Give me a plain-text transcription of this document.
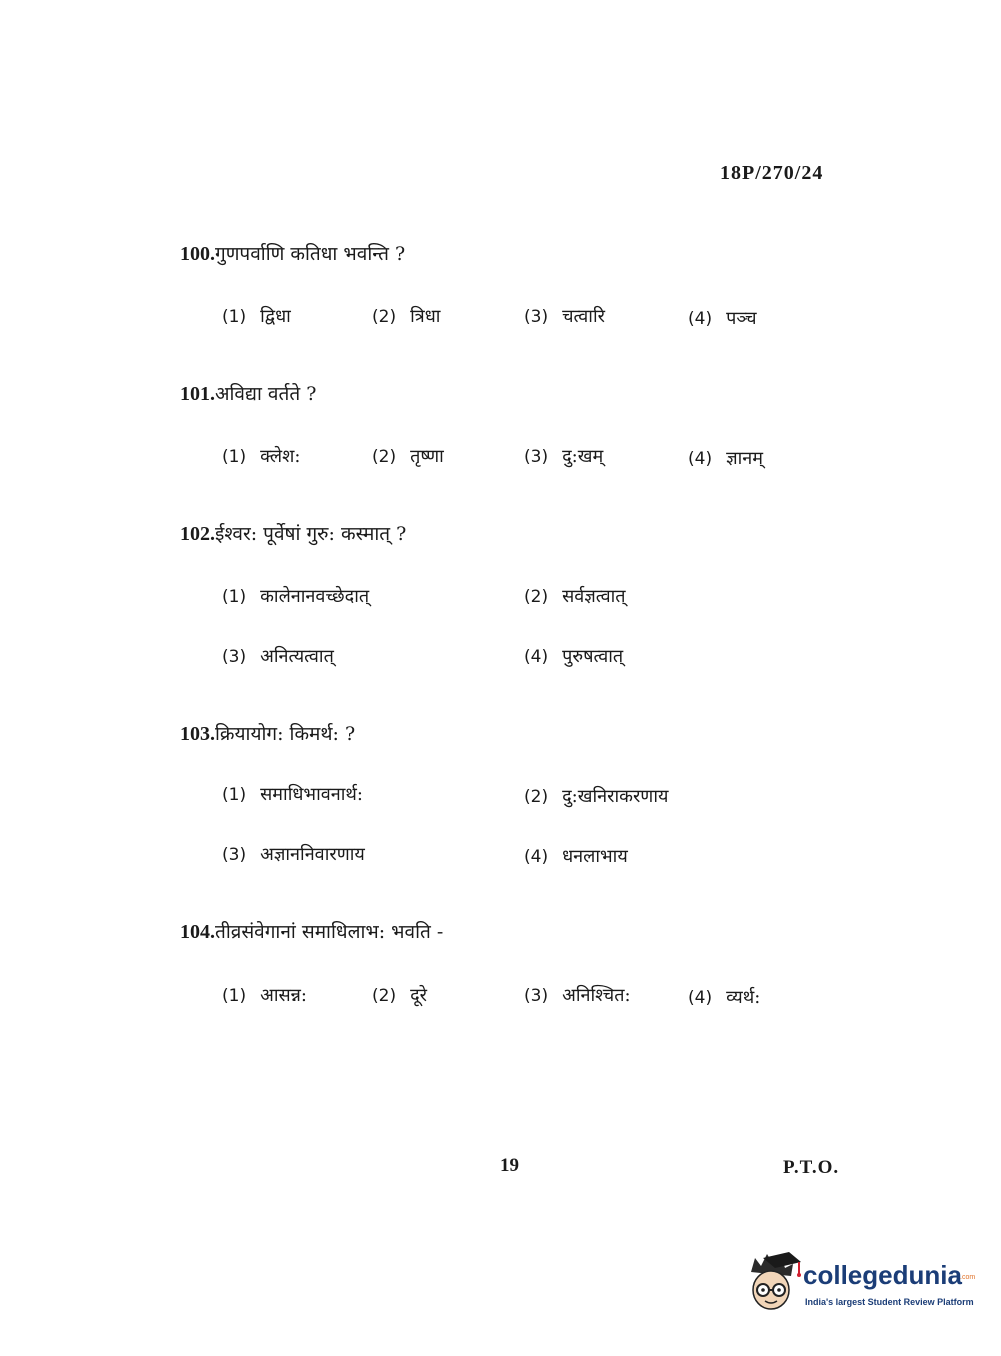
18P/270/24
100.गुणपर्वाणि कतिधा भवन्ति ?
(1) द्विधा	(2) त्रिधा	(3) चत्वारि	(4) पञ्च
101.अविद्या वर्तते ?
(1) क्लेश:	(2) तृष्णा	(3) दु:खम्	(4) ज्ञानम्
102.ईश्वर: पूर्वेषां गुरु: कस्मात् ?
(1) कालेनानवच्छेदात्	(2) सर्वज्ञत्वात्
(3) अनित्यत्वात्	(4) पुरुषत्वात्
103.क्रियायोग: किमर्थ: ?
(1) समाधिभावनार्थ:	(2) दु:खनिराकरणाय
(3) अज्ञाननिवारणाय	(4) धनलाभाय
104.तीव्रसंवेगानां समाधिलाभ: भवति -
(1) आसन्न:	(2) दूरे	(3) अनिश्चित:	(4) व्यर्थ:
19	P.T.O.
collegedunia
.com
India's largest Student Review Platform
